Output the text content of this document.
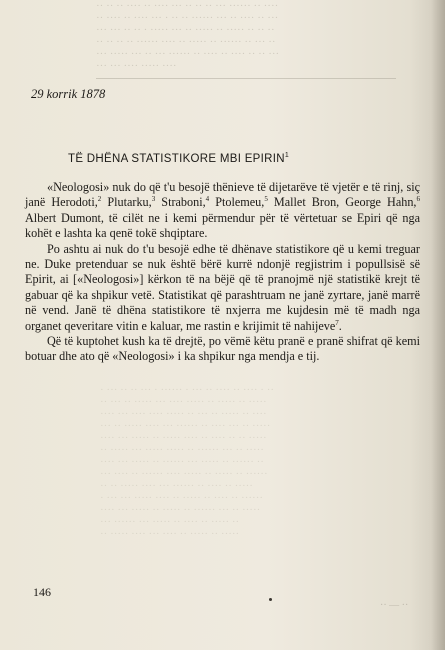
·· ·· ·· ···· ·· ···· ··· ·· ·· ·· ··· ······ ·· ····
·· ···· ·· ···· ··· · ·· ·· ······ ··· ·· ···· ·· ···
··· ··· ·· ·· · ····· ··· ·· ····· ·· ····· ·· ·· ··
·· ·· ·· ·· ······ ···· ·· ····· ·· ······ ·· ··· ··
··· ····· ··· ·· ··· ······ ·· ···· ·· ···· ·· ·· ···
··· ··· ···· ····· ····
29 korrik 1878
TË DHËNA STATISTIKORE MBI $EPIRIN^1$
· ··· ·· ·· ··· · ······ · ··· ·· ···· ·· ···· · ··
·· ··· ·· ····· ··· ···· ····· ·· ····· ·· ·····
···· ··· ···· ···· ····· ·· ··· ·· ····· ·· ····
··· ·· ····· ···· ··· ······ ·· ···· ··· ·· ·····
···· ··· ····· ·· ····· ···· ·· ···· ·· ·· ·····
·· ····· ··· ····· ····· ·· ······ ··· ·· ·····
···· ··· ····· ·· ······ ··· ····· ·· ······ ··
··· ···· ·· ······ ···· ····· ·· ····· ·· ······
·· ·· ····· ···· ··· ······ ·· ···· ·· ·····
· ··· ··· ····· ···· ·· ····· ·· ···· ·· ······
···· ··· ····· ·· ····· ·· ······ ··· ·· ·····
··· ······ ··· ····· ·· ···· ·· ····· ··
·· ····· ···· ··· ···· ·· ····· ·· ·····

«Neologosi» nuk do që t'u besojë thënieve të dijetarëve të vjetër e të rinj, siç janë Herodoti,$^2$ Plutarku,$^3$ Straboni,$^4$ Ptolemeu,$^5$ Mallet Bron, George Hahn,$^6$ Albert Dumont, të cilët ne i kemi përmendur për të vërtetuar se Epiri që nga kohët e lashta ka qenë tokë shqiptare.

Po ashtu ai nuk do t'u besojë edhe të dhënave statistikore që u kemi treguar ne. Duke pretenduar se nuk është bërë kurrë ndonjë regjistrim i popullsisë së Epirit, ai [«Neologosi»] kërkon të na bëjë që të pranojmë një statistikë krejt të gabuar që ka shpikur vetë. Statistikat që parashtruam ne janë zyrtare, janë marrë në vend. Janë të dhëna statistikore të nxjerra me kujdesin më të madh nga organet qeveritare vitin e kaluar, me rastin e krijimit të nahijeve$^7$.

Që të kuptohet kush ka të drejtë, po vëmë këtu pranë e pranë shifrat që kemi botuar dhe ato që «Neologosi» i ka shpikur nga mendja e tij.

146
·· — ··
